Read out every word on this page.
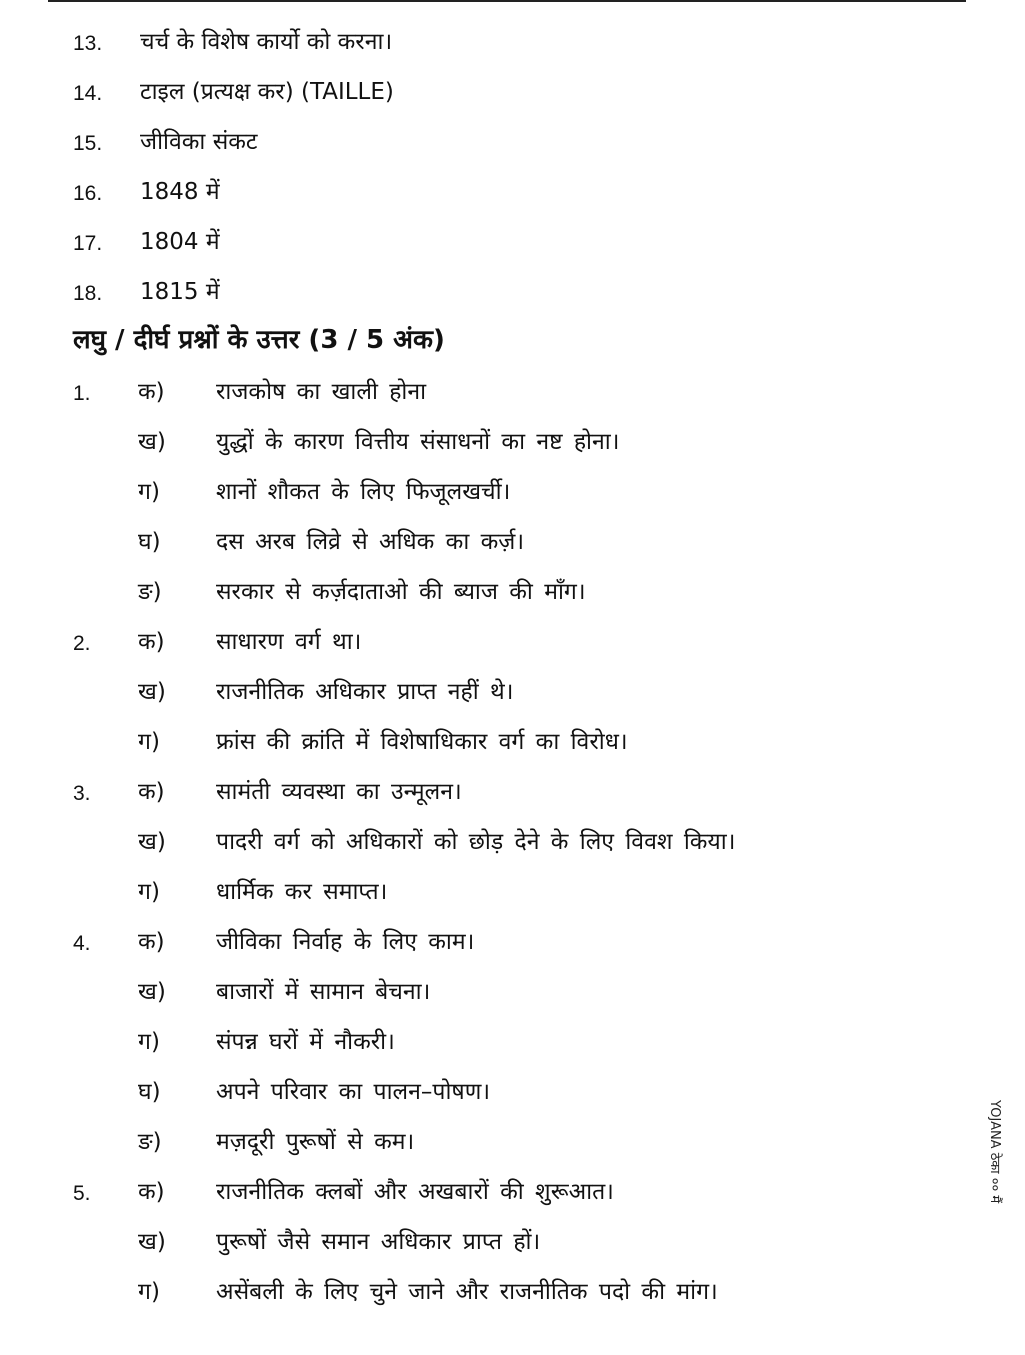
13. चर्च के विशेष कार्यो को करना।
14. टाइल (प्रत्यक्ष कर) (TAILLE)
15. जीविका संकट
16. 1848 में
17. 1804 में
18. 1815 में
लघु / दीर्घ प्रश्नों के उत्तर (3 / 5 अंक)
1. क) राजकोष का खाली होना
ख) युद्धों के कारण वित्तीय संसाधनों का नष्ट होना।
ग) शानों शौकत के लिए फिजूलखर्ची।
घ) दस अरब लिव्रे से अधिक का कर्ज़।
ङ) सरकार से कर्ज़दाताओ की ब्याज की माँग।
2. क) साधारण वर्ग था।
ख) राजनीतिक अधिकार प्राप्त नहीं थे।
ग) फ्रांस की क्रांति में विशेषाधिकार वर्ग का विरोध।
3. क) सामंती व्यवस्था का उन्मूलन।
ख) पादरी वर्ग को अधिकारों को छोड़ देने के लिए विवश किया।
ग) धार्मिक कर समाप्त।
4. क) जीविका निर्वाह के लिए काम।
ख) बाजारों में सामान बेचना।
ग) संपन्न घरों में नौकरी।
घ) अपने परिवार का पालन–पोषण।
ङ) मज़दूरी पुरूषों से कम।
5. क) राजनीतिक क्लबों और अखबारों की शुरूआत।
ख) पुरूषों जैसे समान अधिकार प्राप्त हों।
ग) असेंबली के लिए चुने जाने और राजनीतिक पदो की मांग।
YOJANA ठेका ०० मैं
